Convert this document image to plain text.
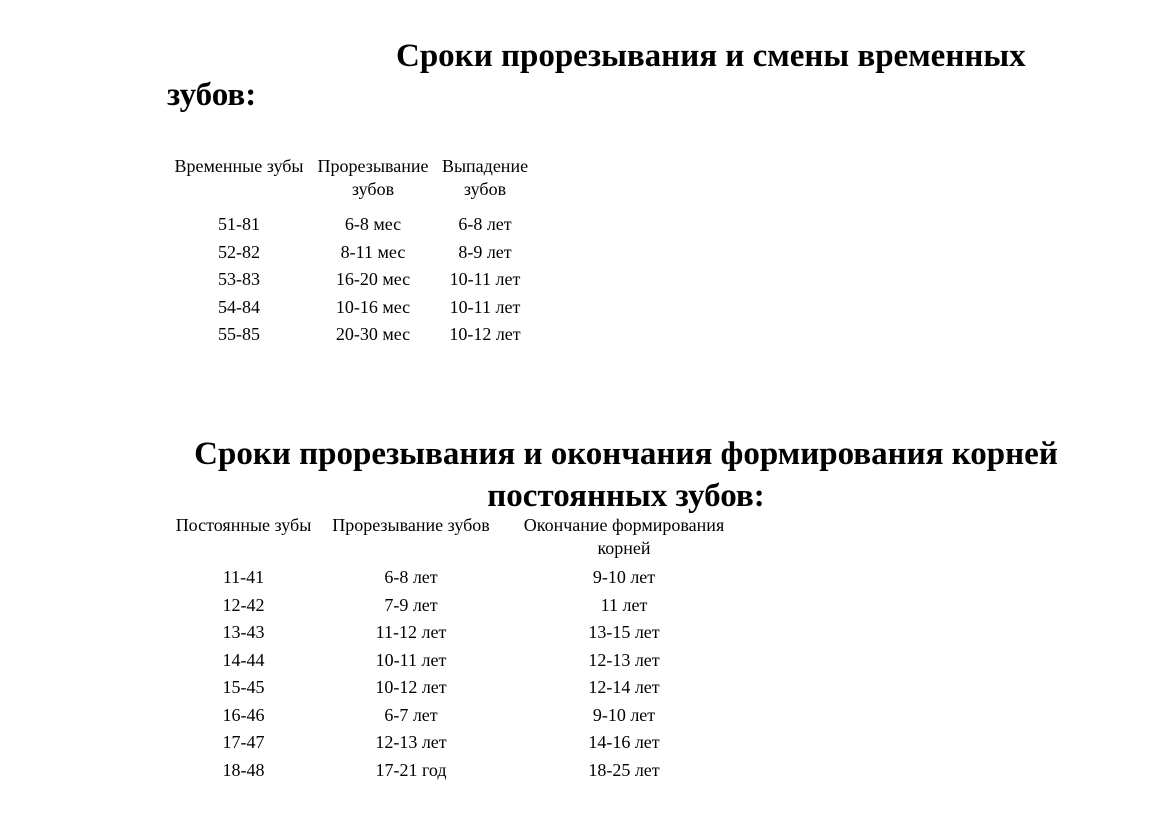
Сроки прорезывания и смены временных
зубов:
Временные зубы	Прорезывание зубов	Выпадение зубов
51-81	6-8 мес	6-8 лет
52-82	8-11 мес	8-9 лет
53-83	16-20 мес	10-11 лет
54-84	10-16 мес	10-11 лет
55-85	20-30 мес	10-12 лет
Сроки прорезывания и окончания формирования корней постоянных зубов:
Постоянные зубы	Прорезывание зубов	Окончание формирования корней
11-41	6-8 лет	9-10 лет
12-42	7-9 лет	11 лет
13-43	11-12 лет	13-15 лет
14-44	10-11 лет	12-13 лет
15-45	10-12 лет	12-14 лет
16-46	6-7 лет	9-10 лет
17-47	12-13 лет	14-16 лет
18-48	17-21 год	18-25 лет
